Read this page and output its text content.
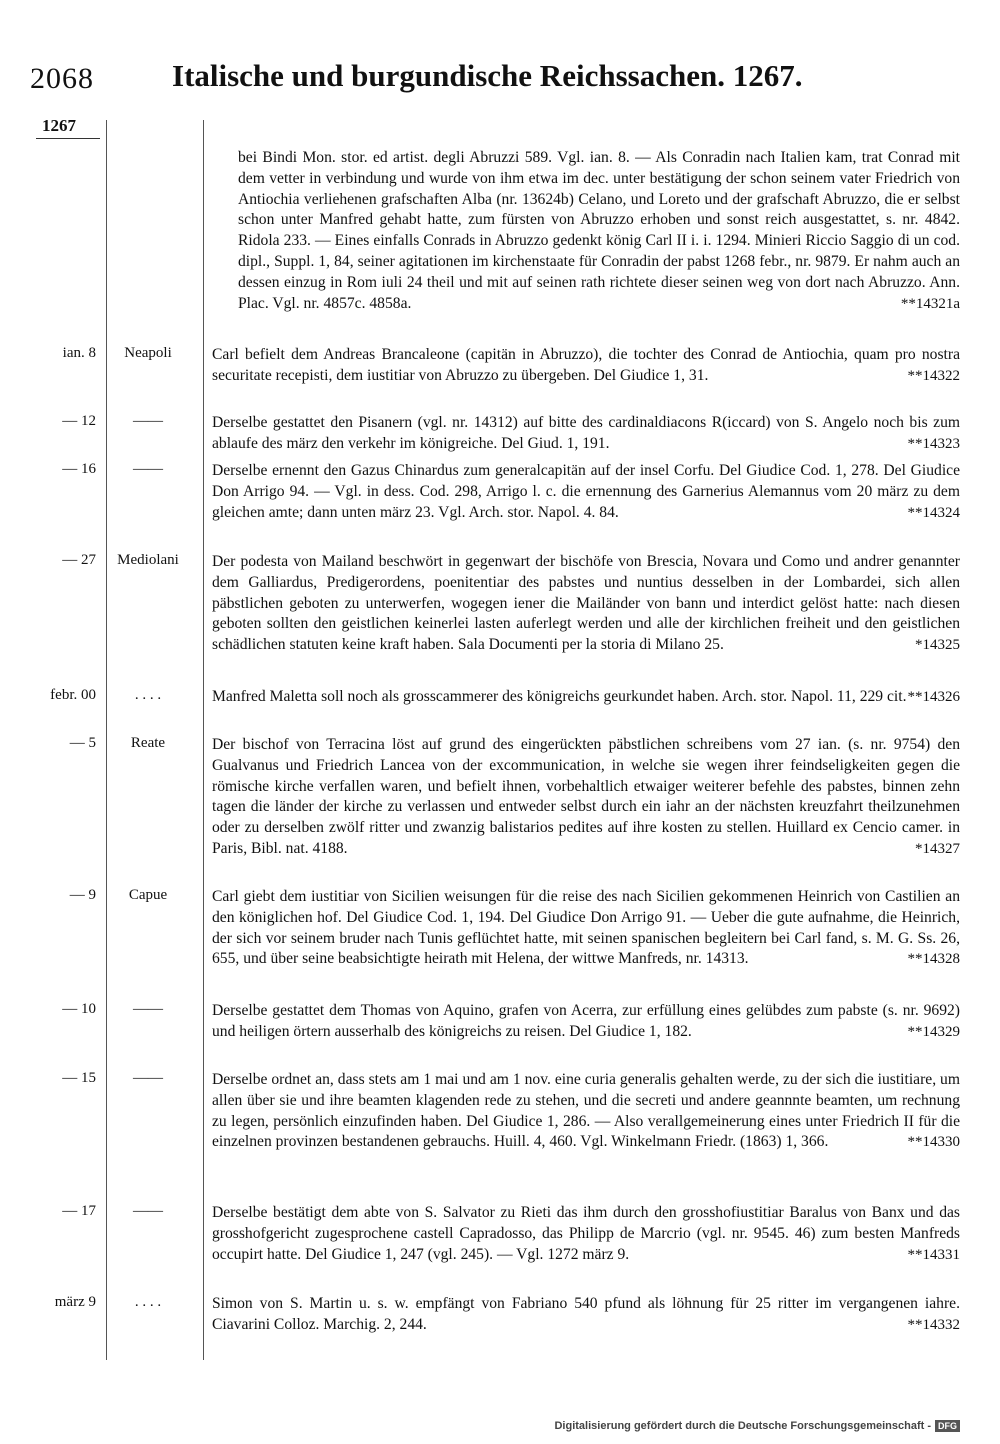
2068	Italische und burgundische Reichssachen. 1267.
1267

bei Bindi Mon. stor. ed artist. degli Abruzzi 589. Vgl. ian. 8. — Als Conradin nach Italien kam, trat Conrad mit dem vetter in verbindung und wurde von ihm etwa im dec. unter bestätigung der schon seinem vater Friedrich von Antiochia verliehenen grafschaften Alba (nr. 13624b) Celano, und Loreto und der grafschaft Abruzzo, die er selbst schon unter Manfred gehabt hatte, zum fürsten von Abruzzo erhoben und sonst reich ausgestattet, s. nr. 4842. Ridola 233. — Eines einfalls Conrads in Abruzzo gedenkt könig Carl II i. i. 1294. Minieri Riccio Saggio di un cod. dipl., Suppl. 1, 84, seiner agitationen im kirchenstaate für Conradin der pabst 1268 febr., nr. 9879. Er nahm auch an dessen einzug in Rom iuli 24 theil und mit auf seinen rath richtete dieser seinen weg von dort nach Abruzzo. Ann. Plac. Vgl. nr. 4857c. 4858a.	**14321a
ian. 8	Neapoli	Carl befielt dem Andreas Brancaleone (capitän in Abruzzo), die tochter des Conrad de Antiochia, quam pro nostra securitate recepisti, dem iustitiar von Abruzzo zu übergeben. Del Giudice 1, 31.	**14322
— 12	——	Derselbe gestattet den Pisanern (vgl. nr. 14312) auf bitte des cardinaldiacons R(iccard) von S. Angelo noch bis zum ablaufe des märz den verkehr im königreiche. Del Giud. 1, 191.	**14323
— 16	——	Derselbe ernennt den Gazus Chinardus zum generalcapitän auf der insel Corfu. Del Giudice Cod. 1, 278. Del Giudice Don Arrigo 94. — Vgl. in dess. Cod. 298, Arrigo l. c. die ernennung des Garnerius Alemannus vom 20 märz zu dem gleichen amte; dann unten märz 23. Vgl. Arch. stor. Napol. 4. 84.	**14324
— 27	Mediolani	Der podesta von Mailand beschwört in gegenwart der bischöfe von Brescia, Novara und Como und andrer genannter dem Galliardus, Predigerordens, poenitentiar des pabstes und nuntius desselben in der Lombardei, sich allen päbstlichen geboten zu unterwerfen, wogegen iener die Mailänder von bann und interdict gelöst hatte: nach diesen geboten sollten den geistlichen keinerlei lasten auferlegt werden und alle der kirchlichen freiheit und den geistlichen schädlichen statuten keine kraft haben. Sala Documenti per la storia di Milano 25.	*14325
febr. 00	. . . .	Manfred Maletta soll noch als grosscammerer des königreichs geurkundet haben. Arch. stor. Napol. 11, 229 cit. **14326
— 5	Reate	Der bischof von Terracina löst auf grund des eingerückten päbstlichen schreibens vom 27 ian. (s. nr. 9754) den Gualvanus und Friedrich Lancea von der excommunication, in welche sie wegen ihrer feindseligkeiten gegen die römische kirche verfallen waren, und befielt ihnen, vorbehaltlich etwaiger weiterer befehle des pabstes, binnen zehn tagen die länder der kirche zu verlassen und entweder selbst durch ein iahr an der nächsten kreuzfahrt theilzunehmen oder zu derselben zwölf ritter und zwanzig balistarios pedites auf ihre kosten zu stellen. Huillard ex Cencio camer. in Paris, Bibl. nat. 4188.	*14327
— 9	Capue	Carl giebt dem iustitiar von Sicilien weisungen für die reise des nach Sicilien gekommenen Heinrich von Castilien an den königlichen hof. Del Giudice Cod. 1, 194. Del Giudice Don Arrigo 91. — Ueber die gute aufnahme, die Heinrich, der sich vor seinem bruder nach Tunis geflüchtet hatte, mit seinen spanischen begleitern bei Carl fand, s. M. G. Ss. 26, 655, und über seine beabsichtigte heirath mit Helena, der wittwe Manfreds, nr. 14313.	**14328
— 10	——	Derselbe gestattet dem Thomas von Aquino, grafen von Acerra, zur erfüllung eines gelübdes zum pabste (s. nr. 9692) und heiligen örtern ausserhalb des königreichs zu reisen. Del Giudice 1, 182.	**14329
— 15	——	Derselbe ordnet an, dass stets am 1 mai und am 1 nov. eine curia generalis gehalten werde, zu der sich die iustitiare, um allen über sie und ihre beamten klagenden rede zu stehen, und die secreti und andere geannnte beamten, um rechnung zu legen, persönlich einzufinden haben. Del Giudice 1, 286. — Also verallgemeinerung eines unter Friedrich II für die einzelnen provinzen bestandenen gebrauchs. Huill. 4, 460. Vgl. Winkelmann Friedr. (1863) 1, 366.	**14330
— 17	——	Derselbe bestätigt dem abte von S. Salvator zu Rieti das ihm durch den grosshofiustitiar Baralus von Banx und das grosshofgericht zugesprochene castell Capradosso, das Philipp de Marcrio (vgl. nr. 9545. 46) zum besten Manfreds occupirt hatte. Del Giudice 1, 247 (vgl. 245). — Vgl. 1272 märz 9.	**14331
märz 9	. . . .	Simon von S. Martin u. s. w. empfängt von Fabriano 540 pfund als löhnung für 25 ritter im vergangenen iahre. Ciavarini Colloz. Marchig. 2, 244.	**14332
Digitalisierung gefördert durch die Deutsche Forschungsgemeinschaft - DFG
